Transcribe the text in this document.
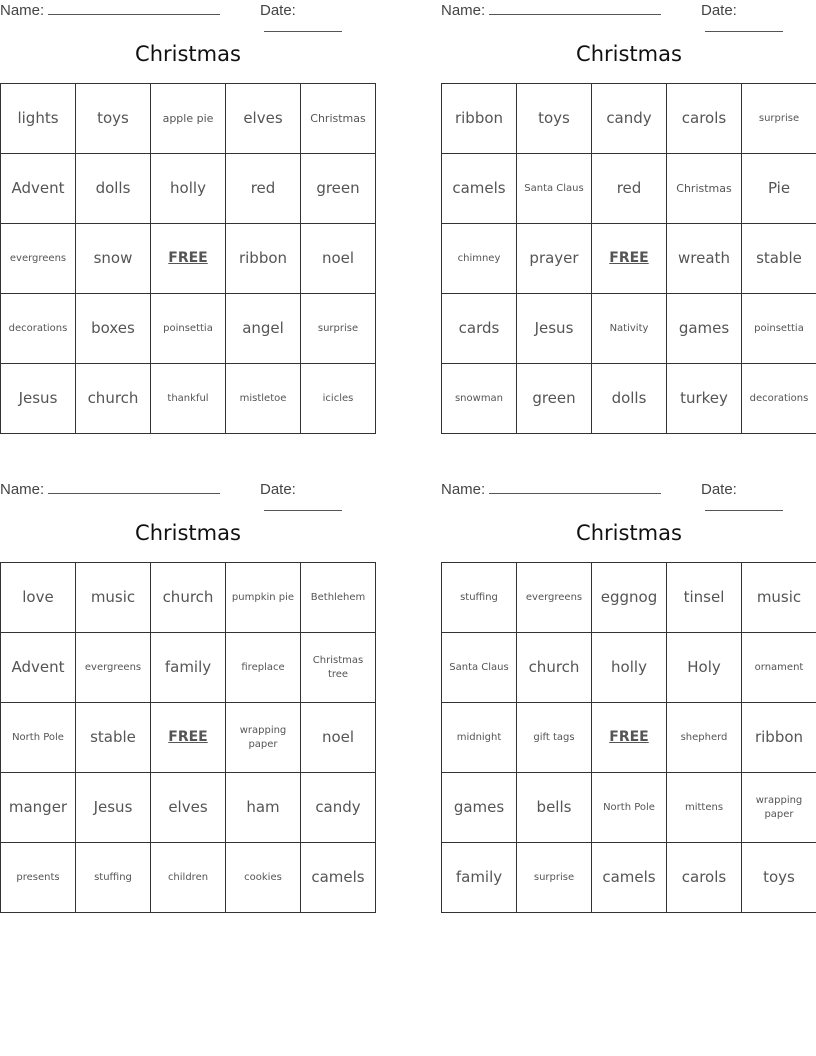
Name:	Date:
Christmas
lights	toys	apple pie	elves	Christmas
Advent	dolls	holly	red	green
evergreens	snow	FREE	ribbon	noel
decorations	boxes	poinsettia	angel	surprise
Jesus	church	thankful	mistletoe	icicles
Name:	Date:
Christmas
ribbon	toys	candy	carols	surprise
camels	Santa Claus	red	Christmas	Pie
chimney	prayer	FREE	wreath	stable
cards	Jesus	Nativity	games	poinsettia
snowman	green	dolls	turkey	decorations
Name:	Date:
Christmas
love	music	church	pumpkin pie	Bethlehem
Advent	evergreens	family	fireplace	Christmas tree
North Pole	stable	FREE	wrapping paper	noel
manger	Jesus	elves	ham	candy
presents	stuffing	children	cookies	camels
Name:	Date:
Christmas
stuffing	evergreens	eggnog	tinsel	music
Santa Claus	church	holly	Holy	ornament
midnight	gift tags	FREE	shepherd	ribbon
games	bells	North Pole	mittens	wrapping paper
family	surprise	camels	carols	toys
